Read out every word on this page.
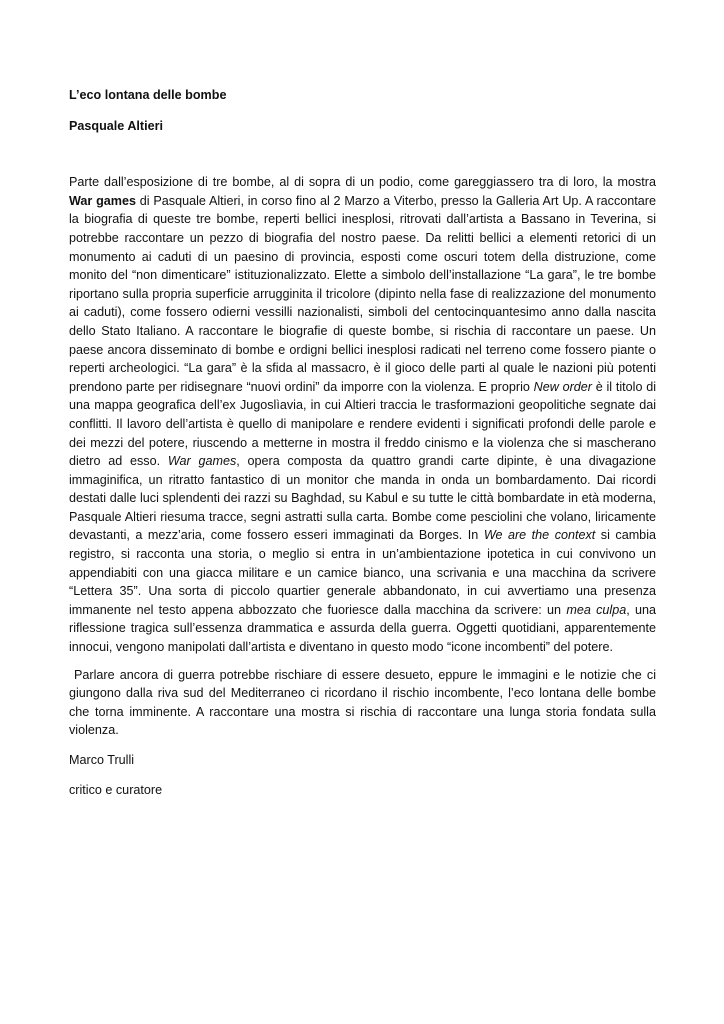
L’eco lontana delle bombe

Pasquale Altieri

Parte dall’esposizione di tre bombe, al di sopra di un podio, come gareggiassero tra di loro, la mostra War games di Pasquale Altieri, in corso fino al 2 Marzo a Viterbo, presso la Galleria Art Up. A raccontare la biografia di queste tre bombe, reperti bellici inesplosi, ritrovati dall’artista a Bassano in Teverina, si potrebbe raccontare un pezzo di biografia del nostro paese. Da relitti bellici a elementi retorici di un monumento ai caduti di un paesino di provincia, esposti come oscuri totem della distruzione, come monito del “non dimenticare” istituzionalizzato. Elette a simbolo dell’installazione “La gara”, le tre bombe riportano sulla propria superficie arrugginita il tricolore (dipinto nella fase di realizzazione del monumento ai caduti), come fossero odierni vessilli nazionalisti, simboli del centocinquantesimo anno dalla nascita dello Stato Italiano. A raccontare le biografie di queste bombe, si rischia di raccontare un paese. Un paese ancora disseminato di bombe e ordigni bellici inesplosi radicati nel terreno come fossero piante o reperti archeologici. “La gara” è la sfida al massacro, è il gioco delle parti al quale le nazioni più potenti prendono parte per ridisegnare “nuovi ordini” da imporre con la violenza. E proprio New order è il titolo di una mappa geografica dell’ex Jugoslìavia, in cui Altieri traccia le trasformazioni geopolitiche segnate dai conflitti. Il lavoro dell’artista è quello di manipolare e rendere evidenti i significati profondi delle parole e dei mezzi del potere, riuscendo a metterne in mostra il freddo cinismo e la violenza che si mascherano dietro ad esso. War games, opera composta da quattro grandi carte dipinte, è una divagazione immaginifica, un ritratto fantastico di un monitor che manda in onda un bombardamento. Dai ricordi destati dalle luci splendenti dei razzi su Baghdad, su Kabul e su tutte le città bombardate in età moderna, Pasquale Altieri riesuma tracce, segni astratti sulla carta. Bombe come pesciolini che volano, liricamente devastanti, a mezz’aria, come fossero esseri immaginati da Borges. In We are the context si cambia registro, si racconta una storia, o meglio si entra in un’ambientazione ipotetica in cui convivono un appendiabiti con una giacca militare e un camice bianco, una scrivania e una macchina da scrivere “Lettera 35”. Una sorta di piccolo quartier generale abbandonato, in cui avvertiamo una presenza immanente nel testo appena abbozzato che fuoriesce dalla macchina da scrivere: un mea culpa, una riflessione tragica sull’essenza drammatica e assurda della guerra. Oggetti quotidiani, apparentemente innocui, vengono manipolati dall’artista e diventano in questo modo “icone incombenti” del potere.

Parlare ancora di guerra potrebbe rischiare di essere desueto, eppure le immagini e le notizie che ci giungono dalla riva sud del Mediterraneo ci ricordano il rischio incombente, l’eco lontana delle bombe che torna imminente. A raccontare una mostra si rischia di raccontare una lunga storia fondata sulla violenza.

Marco Trulli

critico e curatore
